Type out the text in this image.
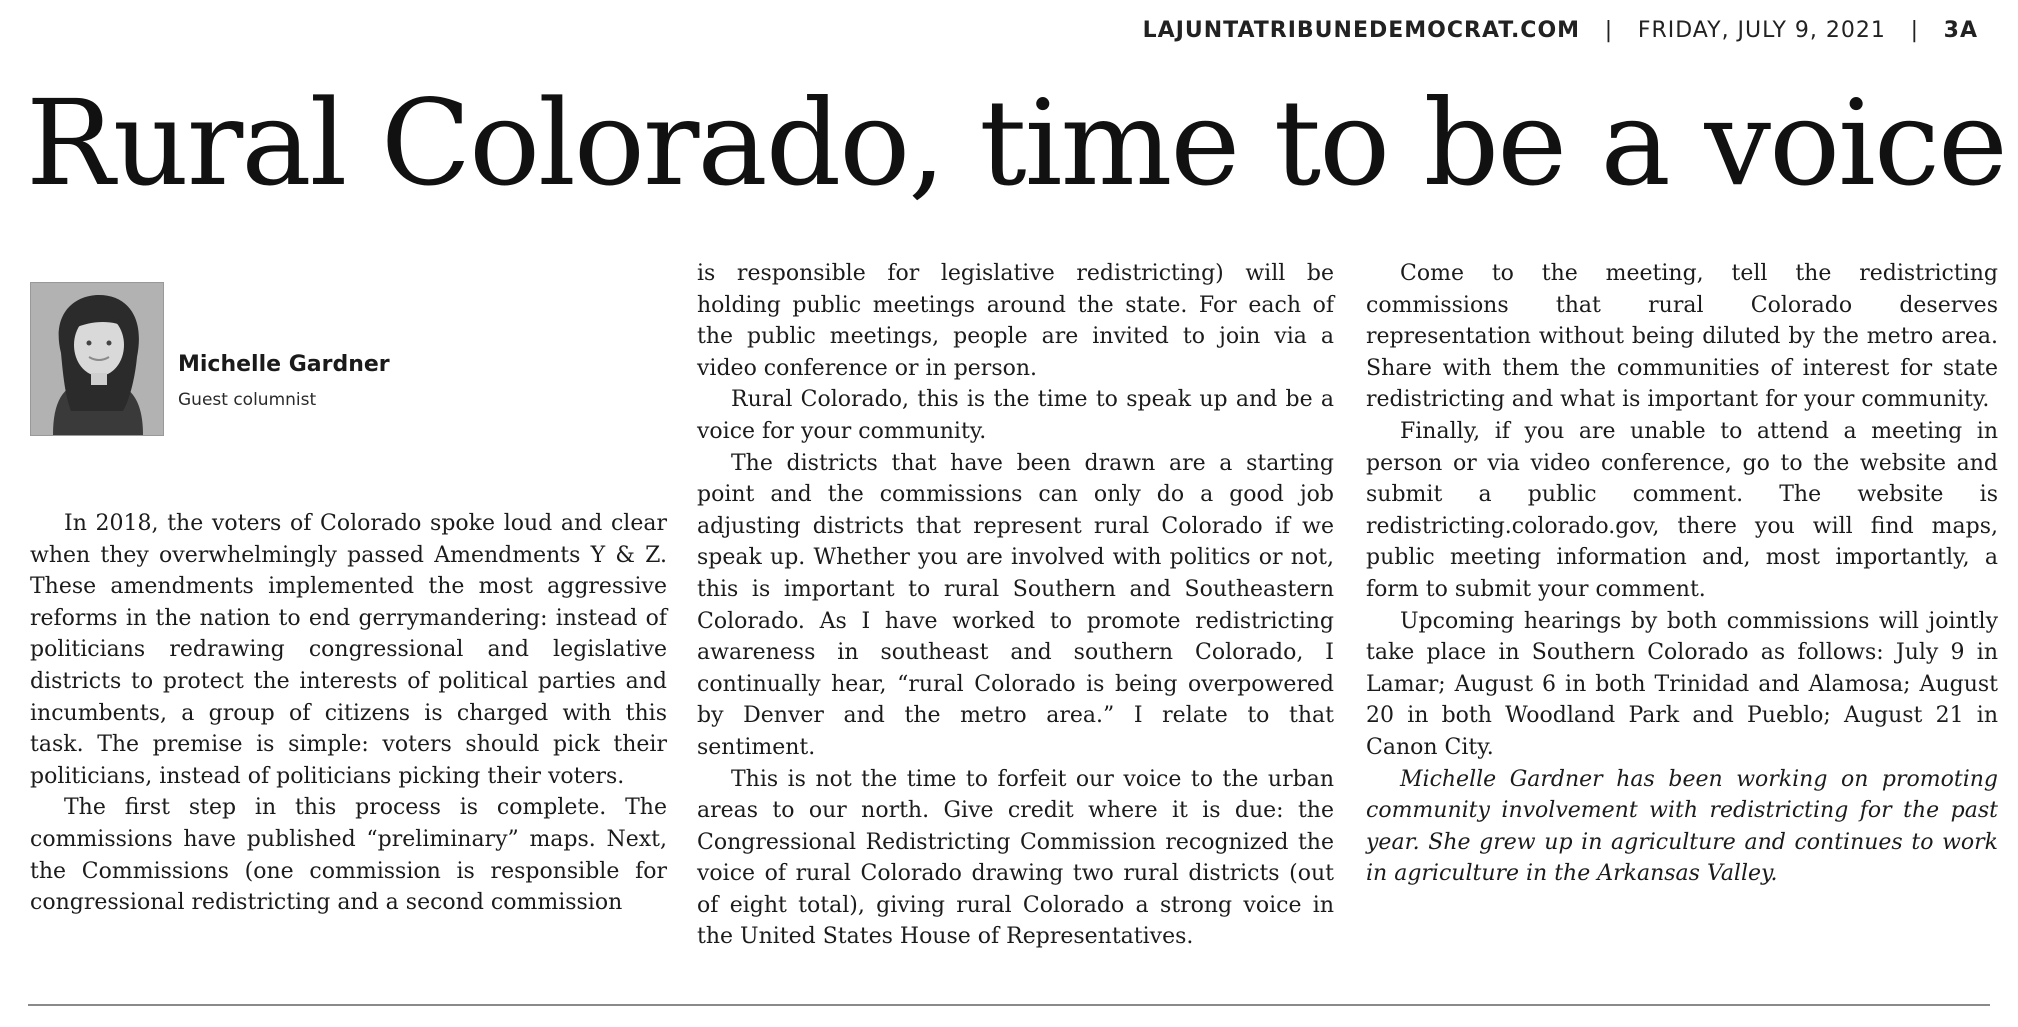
LAJUNTATRIBUNEDEMOCRAT.COM | FRIDAY, JULY 9, 2021 | 3A
Rural Colorado, time to be a voice
Michelle Gardner
Guest columnist

In 2018, the voters of Colorado spoke loud and clear when they overwhelmingly passed Amendments Y & Z. These amendments implemented the most aggressive reforms in the nation to end gerrymandering: instead of politicians redrawing congressional and legislative districts to protect the interests of political parties and incumbents, a group of citizens is charged with this task. The premise is simple: voters should pick their politicians, instead of politicians picking their voters.

The first step in this process is complete. The commissions have published “preliminary” maps. Next, the Commissions (one commission is responsible for congressional redistricting and a second commission

is responsible for legislative redistricting) will be holding public meetings around the state. For each of the public meetings, people are invited to join via a video conference or in person.

Rural Colorado, this is the time to speak up and be a voice for your community.

The districts that have been drawn are a starting point and the commissions can only do a good job adjusting districts that represent rural Colorado if we speak up. Whether you are involved with politics or not, this is important to rural Southern and Southeastern Colorado. As I have worked to promote redistricting awareness in southeast and southern Colorado, I continually hear, “rural Colorado is being overpowered by Denver and the metro area.” I relate to that sentiment.

This is not the time to forfeit our voice to the urban areas to our north. Give credit where it is due: the Congressional Redistricting Commission recognized the voice of rural Colorado drawing two rural districts (out of eight total), giving rural Colorado a strong voice in the United States House of Representatives.

Come to the meeting, tell the redistricting commissions that rural Colorado deserves representation without being diluted by the metro area. Share with them the communities of interest for state redistricting and what is important for your community.

Finally, if you are unable to attend a meeting in person or via video conference, go to the website and submit a public comment. The website is redistricting.colorado.gov, there you will find maps, public meeting information and, most importantly, a form to submit your comment.

Upcoming hearings by both commissions will jointly take place in Southern Colorado as follows: July 9 in Lamar; August 6 in both Trinidad and Alamosa; August 20 in both Woodland Park and Pueblo; August 21 in Canon City.

Michelle Gardner has been working on promoting community involvement with redistricting for the past year. She grew up in agriculture and continues to work in agriculture in the Arkansas Valley.
